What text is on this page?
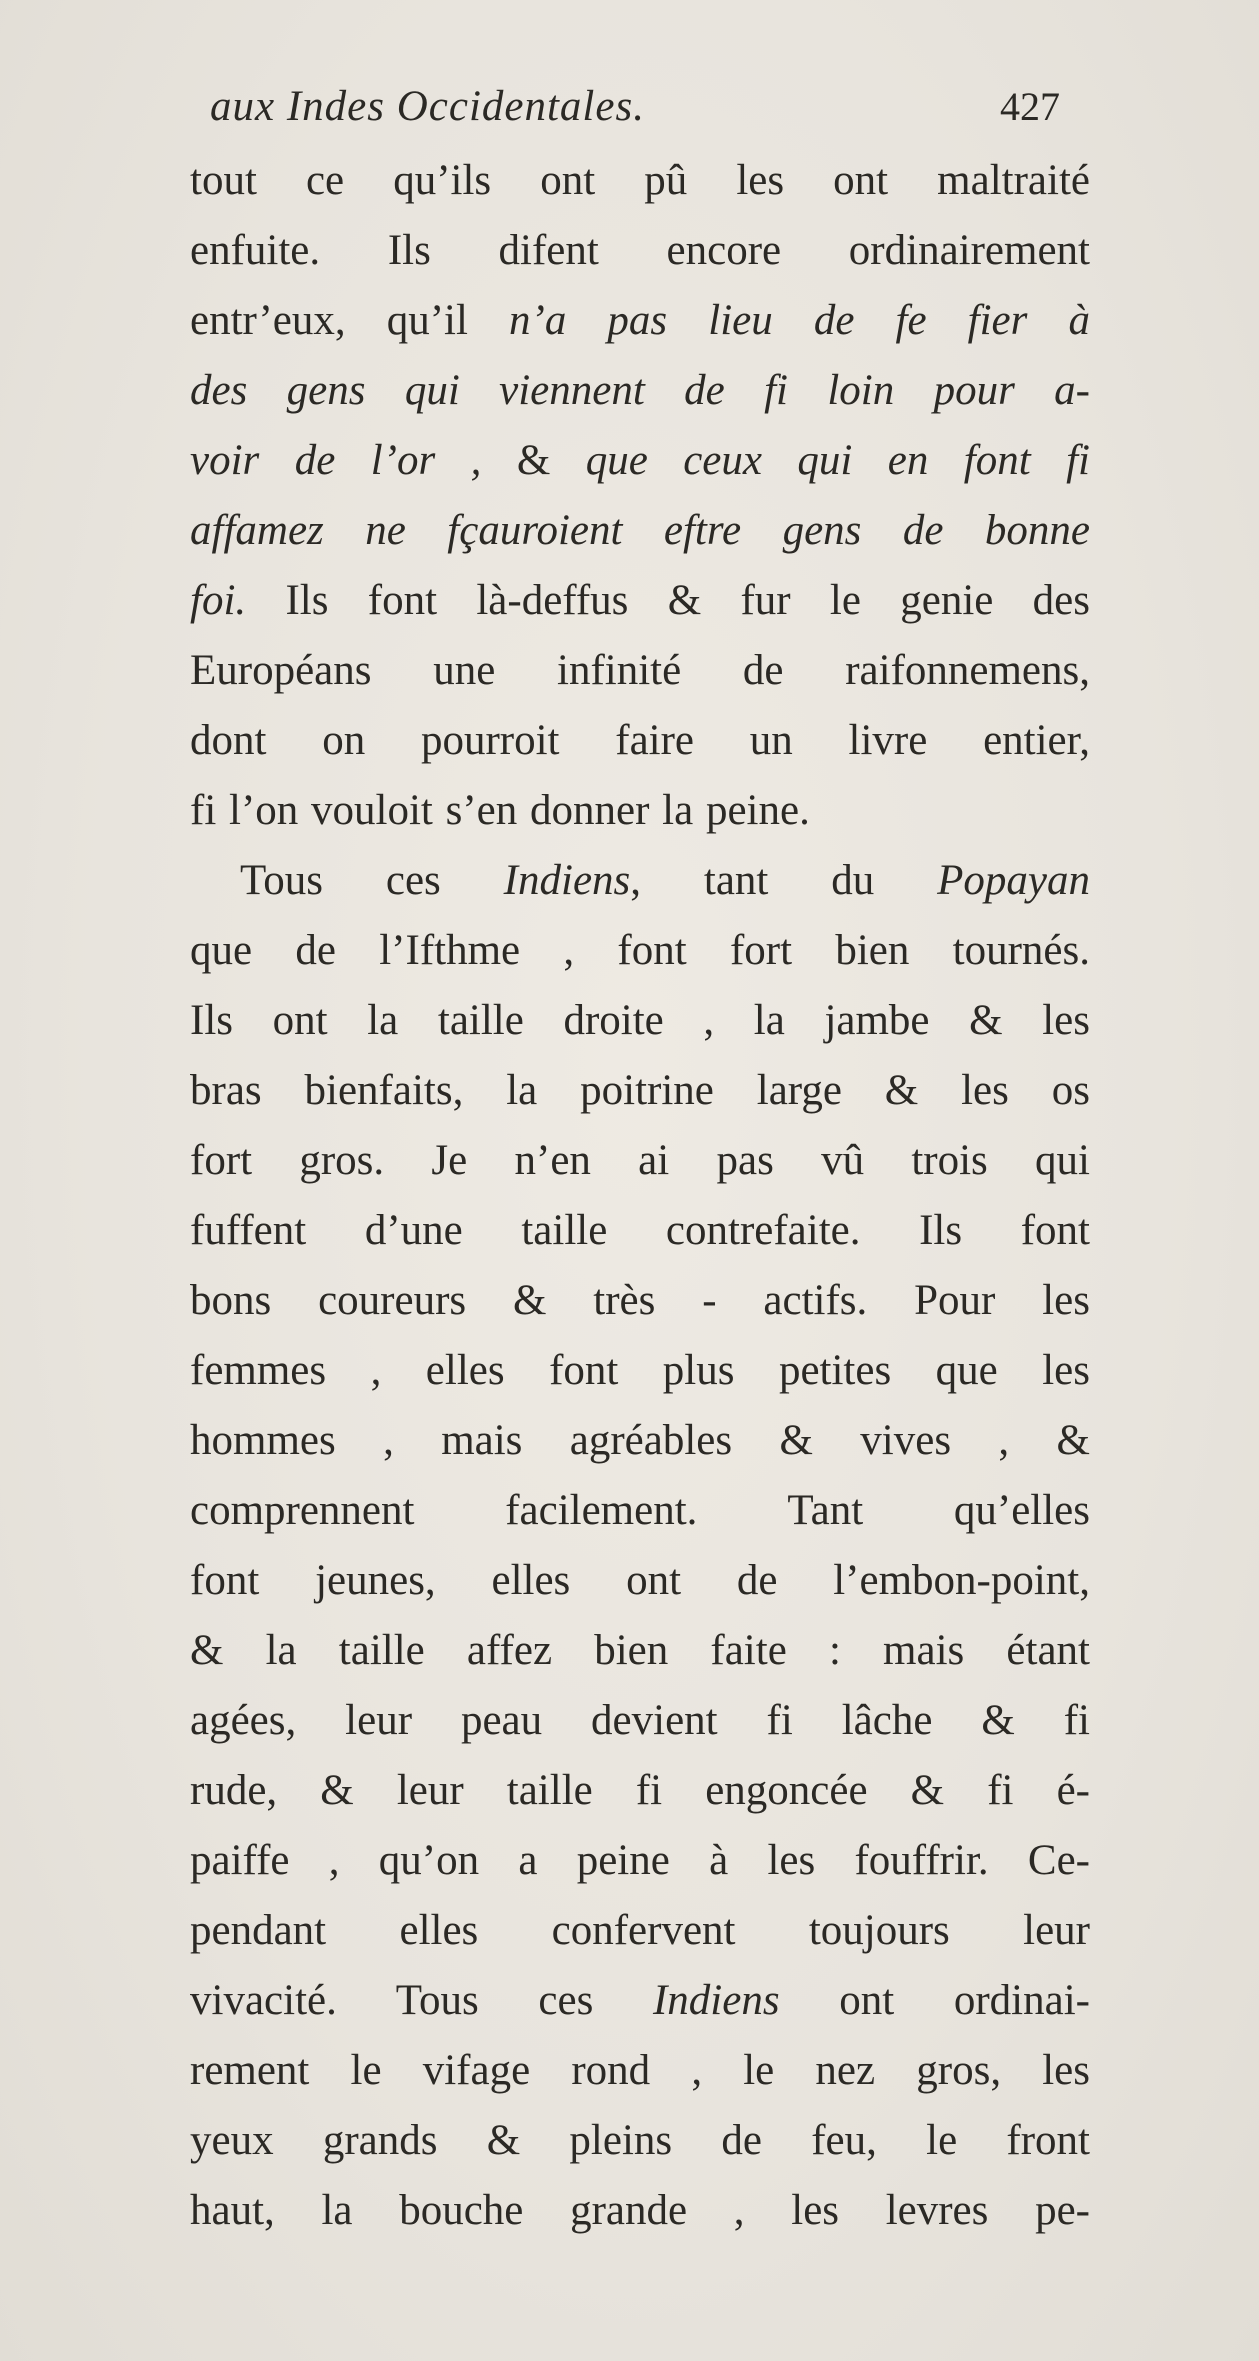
aux Indes Occidentales.	427
tout ce qu’ils ont pû les ont maltraité
enfuite. Ils difent encore ordinairement
entr’eux, qu’il n’a pas lieu de fe fier à
des gens qui viennent de fi loin pour a-
voir de l’or , & que ceux qui en font fi
affamez ne fçauroient eftre gens de bonne
foi. Ils font là-deffus & fur le genie des
Européans une infinité de raifonnemens,
dont on pourroit faire un livre entier,
fi l’on vouloit s’en donner la peine.
Tous ces Indiens, tant du Popayan
que de l’Ifthme , font fort bien tournés.
Ils ont la taille droite , la jambe & les
bras bienfaits, la poitrine large & les os
fort gros. Je n’en ai pas vû trois qui
fuffent d’une taille contrefaite. Ils font
bons coureurs & très - actifs. Pour les
femmes , elles font plus petites que les
hommes , mais agréables & vives , &
comprennent facilement. Tant qu’elles
font jeunes, elles ont de l’embon-point,
& la taille affez bien faite : mais étant
agées, leur peau devient fi lâche & fi
rude, & leur taille fi engoncée & fi é-
paiffe , qu’on a peine à les fouffrir. Ce-
pendant elles confervent toujours leur
vivacité. Tous ces Indiens ont ordinai-
rement le vifage rond , le nez gros, les
yeux grands & pleins de feu, le front
haut, la bouche grande , les levres pe-
